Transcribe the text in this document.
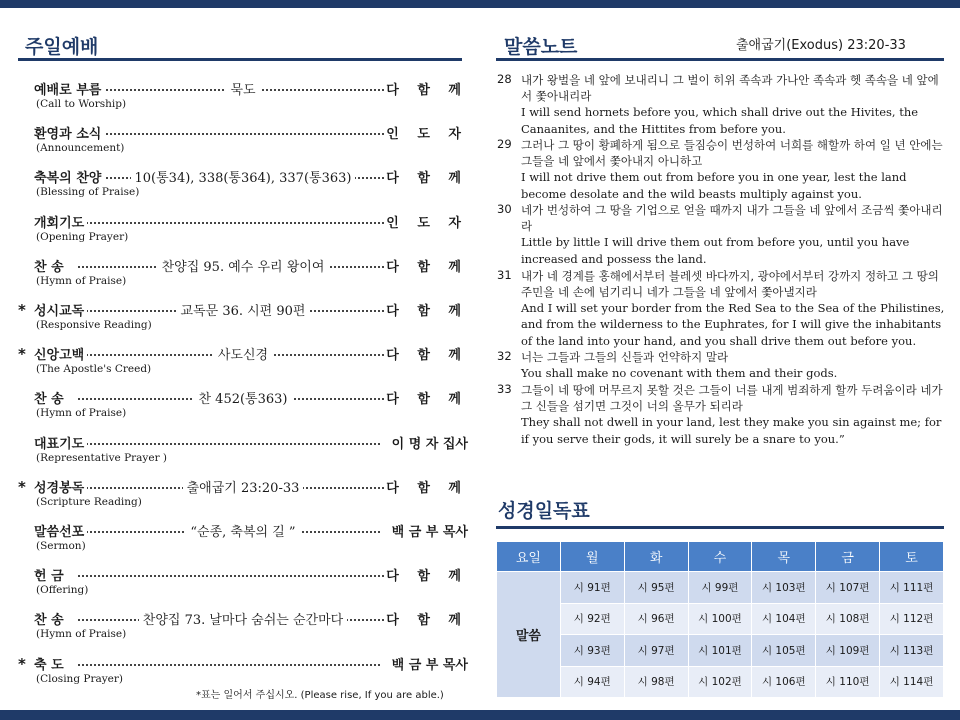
주일예배
예배로 부름
(Call to Worship)
묵도	다 함 께
환영과 소식
(Announcement)
인 도 자
축복의 찬양
(Blessing of Praise)
10(통34), 338(통364), 337(통363)	다 함 께
개회기도
(Opening Prayer)
인 도 자
찬 송
(Hymn of Praise)
찬양집 95. 예수 우리 왕이여	다 함 께
* 성시교독
(Responsive Reading)
교독문 36. 시편 90편	다 함 께
* 신앙고백
(The Apostle's Creed)
사도신경	다 함 께
찬 송
(Hymn of Praise)
찬 452(통363)	다 함 께
대표기도
(Representative Prayer )
이 명 자 집사
* 성경봉독
(Scripture Reading)
출애굽기 23:20-33	다 함 께
말씀선포
(Sermon)
“순종, 축복의 길 ”	백 금 부 목사
헌 금
(Offering)
다 함 께
찬 송
(Hymn of Praise)
찬양집 73. 날마다 숨쉬는 순간마다	다 함 께
* 축 도
(Closing Prayer)
백 금 부 목사
*표는 일어서 주십시오. (Please rise, If you are able.)
말씀노트	출애굽기(Exodus) 23:20-33
28 내가 왕벌을 네 앞에 보내리니 그 벌이 히위 족속과 가나안 족속과 헷 족속을 네 앞에서 쫓아내리라
I will send hornets before you, which shall drive out the Hivites, the Canaanites, and the Hittites from before you.
29 그러나 그 땅이 황폐하게 됨으로 들짐승이 번성하여 너희를 해할까 하여 일 년 안에는 그들을 네 앞에서 쫓아내지 아니하고
I will not drive them out from before you in one year, lest the land become desolate and the wild beasts multiply against you.
30 네가 번성하여 그 땅을 기업으로 얻을 때까지 내가 그들을 네 앞에서 조금씩 쫓아내리라
Little by little I will drive them out from before you, until you have increased and possess the land.
31 내가 네 경계를 홍해에서부터 블레셋 바다까지, 광야에서부터 강까지 정하고 그 땅의 주민을 네 손에 넘기리니 네가 그들을 네 앞에서 쫓아낼지라
And I will set your border from the Red Sea to the Sea of the Philistines, and from the wilderness to the Euphrates, for I will give the inhabitants of the land into your hand, and you shall drive them out before you.
32 너는 그들과 그들의 신들과 언약하지 말라
You shall make no covenant with them and their gods.
33 그들이 네 땅에 머무르지 못할 것은 그들이 너를 내게 범죄하게 할까 두려움이라 네가 그 신들을 섬기면 그것이 너의 올무가 되리라
They shall not dwell in your land, lest they make you sin against me; for if you serve their gods, it will surely be a snare to you.”
성경일독표
요일	월	화	수	목	금	토
말씀	시 91편	시 95편	시 99편	시 103편	시 107편	시 111편
	시 92편	시 96편	시 100편	시 104편	시 108편	시 112편
	시 93편	시 97편	시 101편	시 105편	시 109편	시 113편
	시 94편	시 98편	시 102편	시 106편	시 110편	시 114편
